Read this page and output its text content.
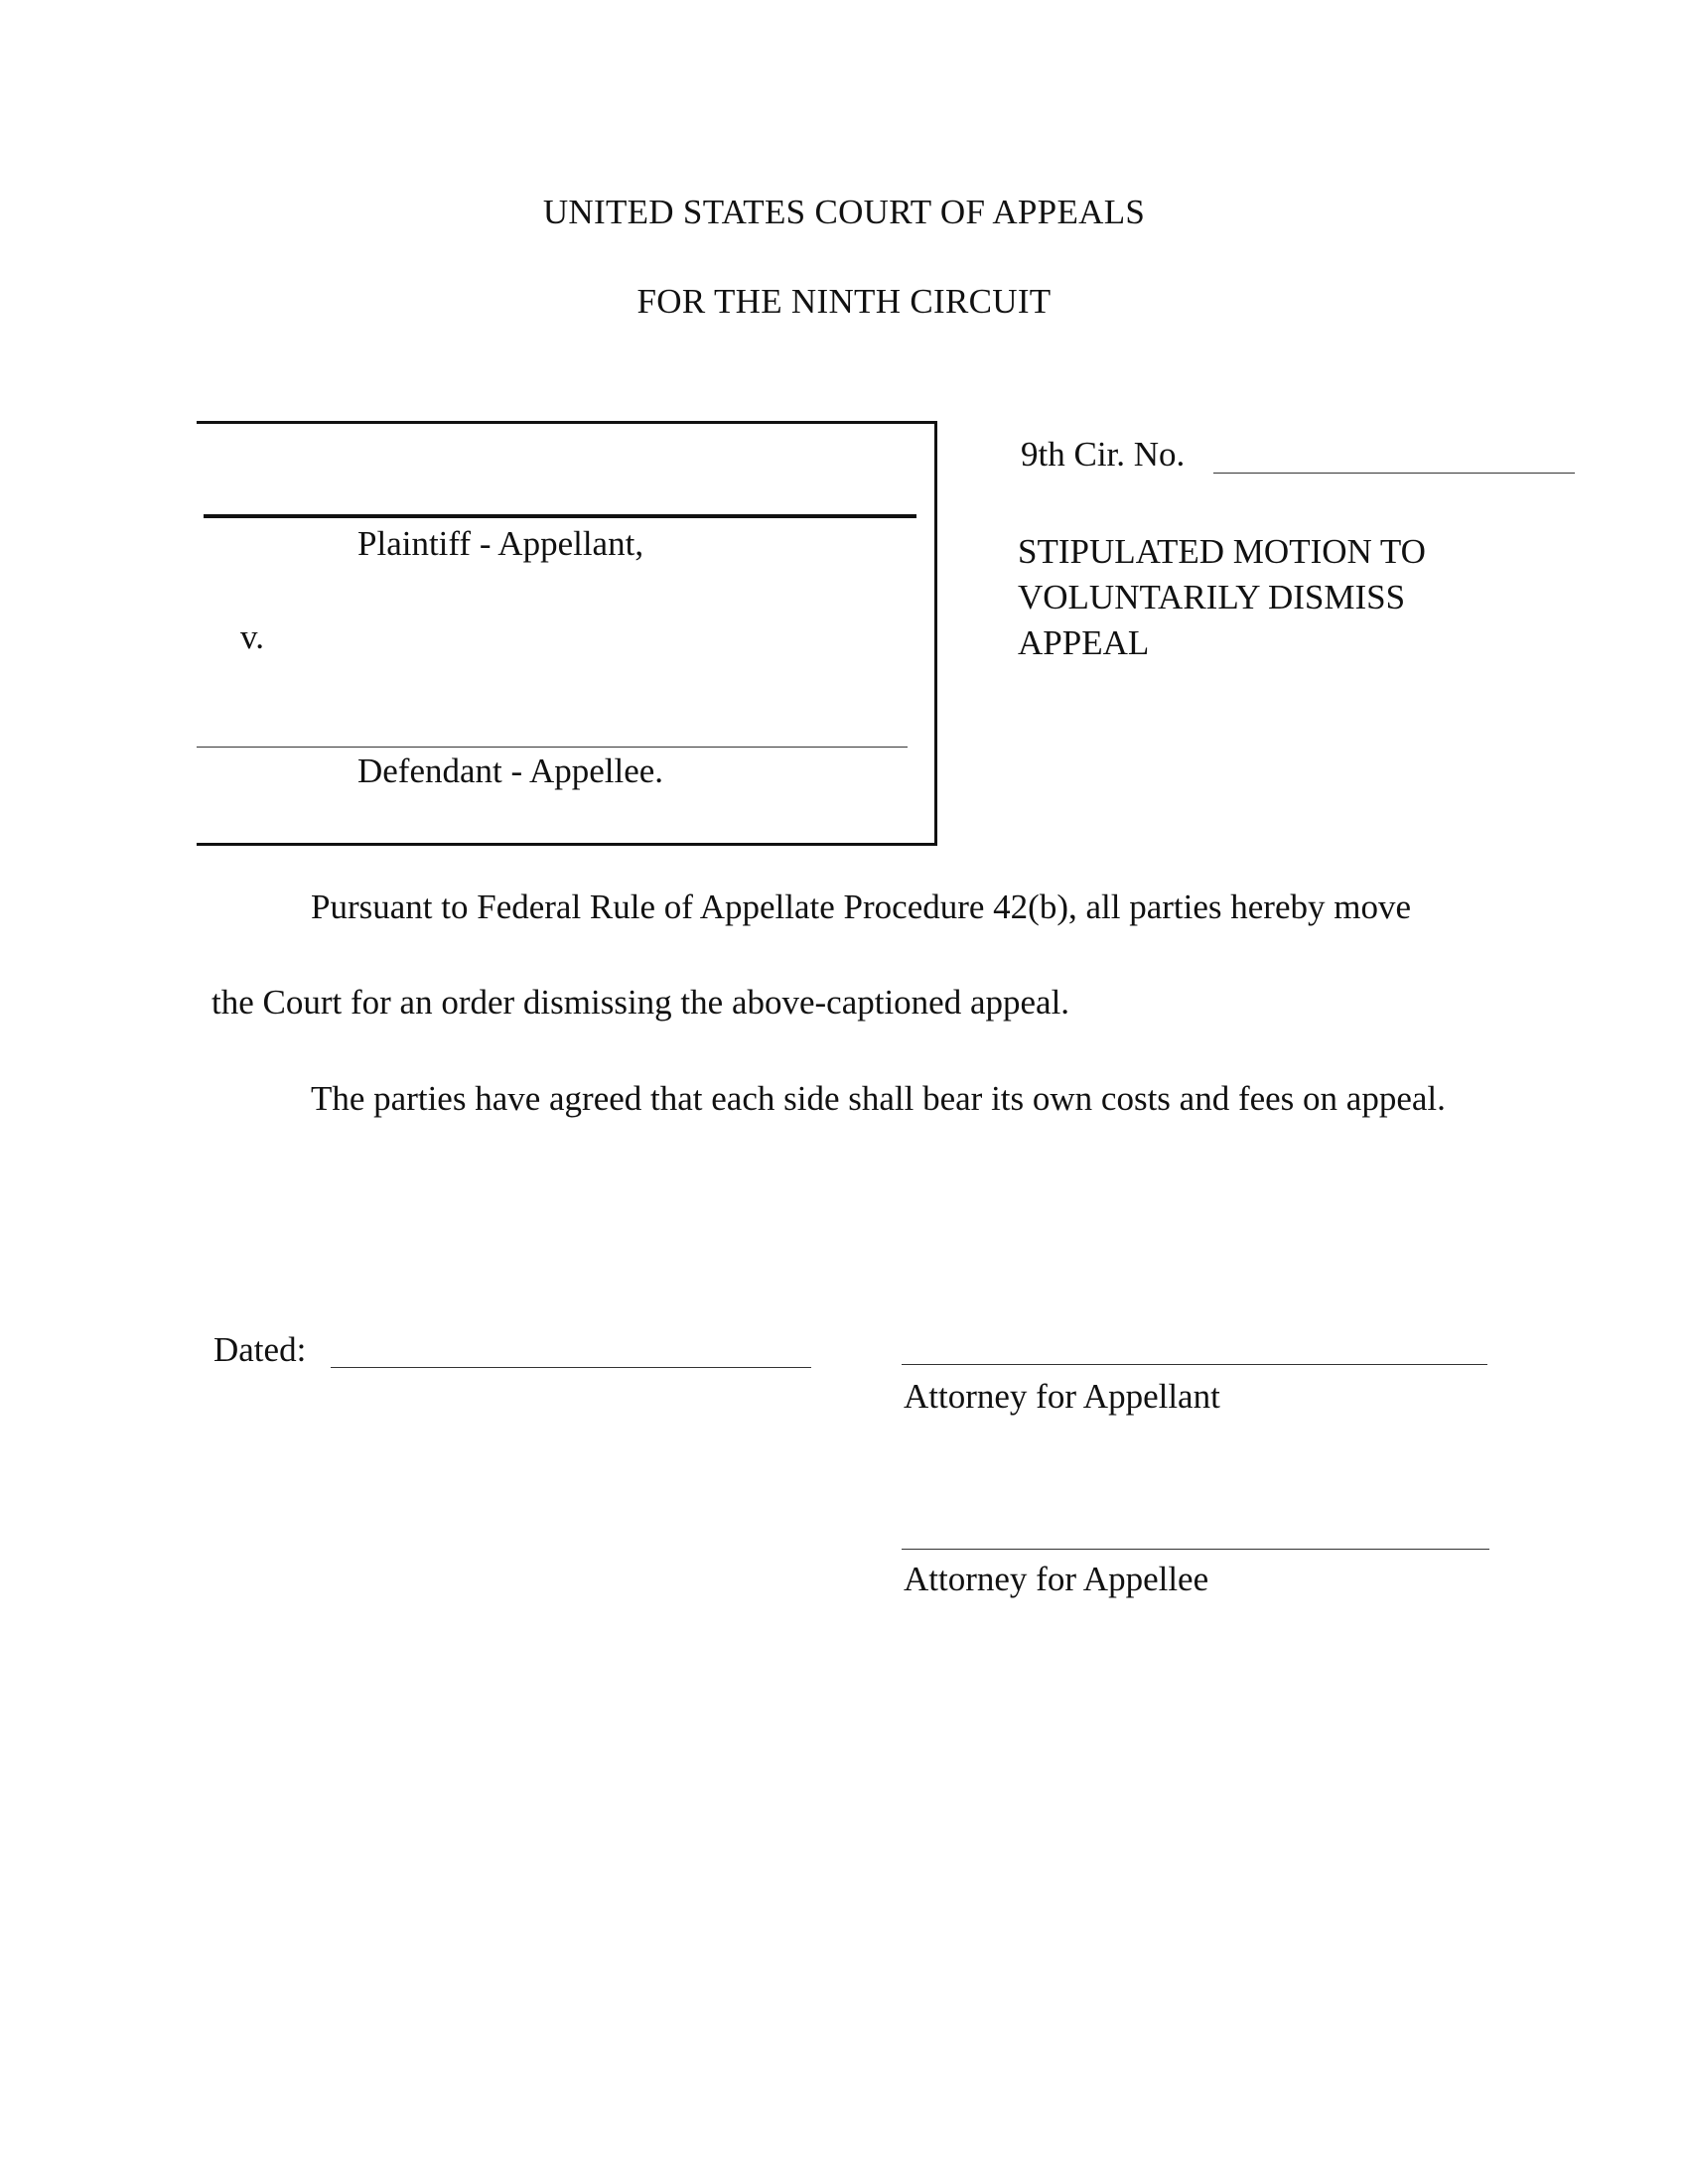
UNITED STATES COURT OF APPEALS
FOR THE NINTH CIRCUIT
Plaintiff - Appellant,
v.
Defendant - Appellee.
9th Cir. No.
STIPULATED MOTION TO
VOLUNTARILY DISMISS
APPEAL
Pursuant to Federal Rule of Appellate Procedure 42(b), all parties hereby move
the Court for an order dismissing the above-captioned appeal.
The parties have agreed that each side shall bear its own costs and fees on appeal.
Dated:
Attorney for Appellant
Attorney for Appellee
